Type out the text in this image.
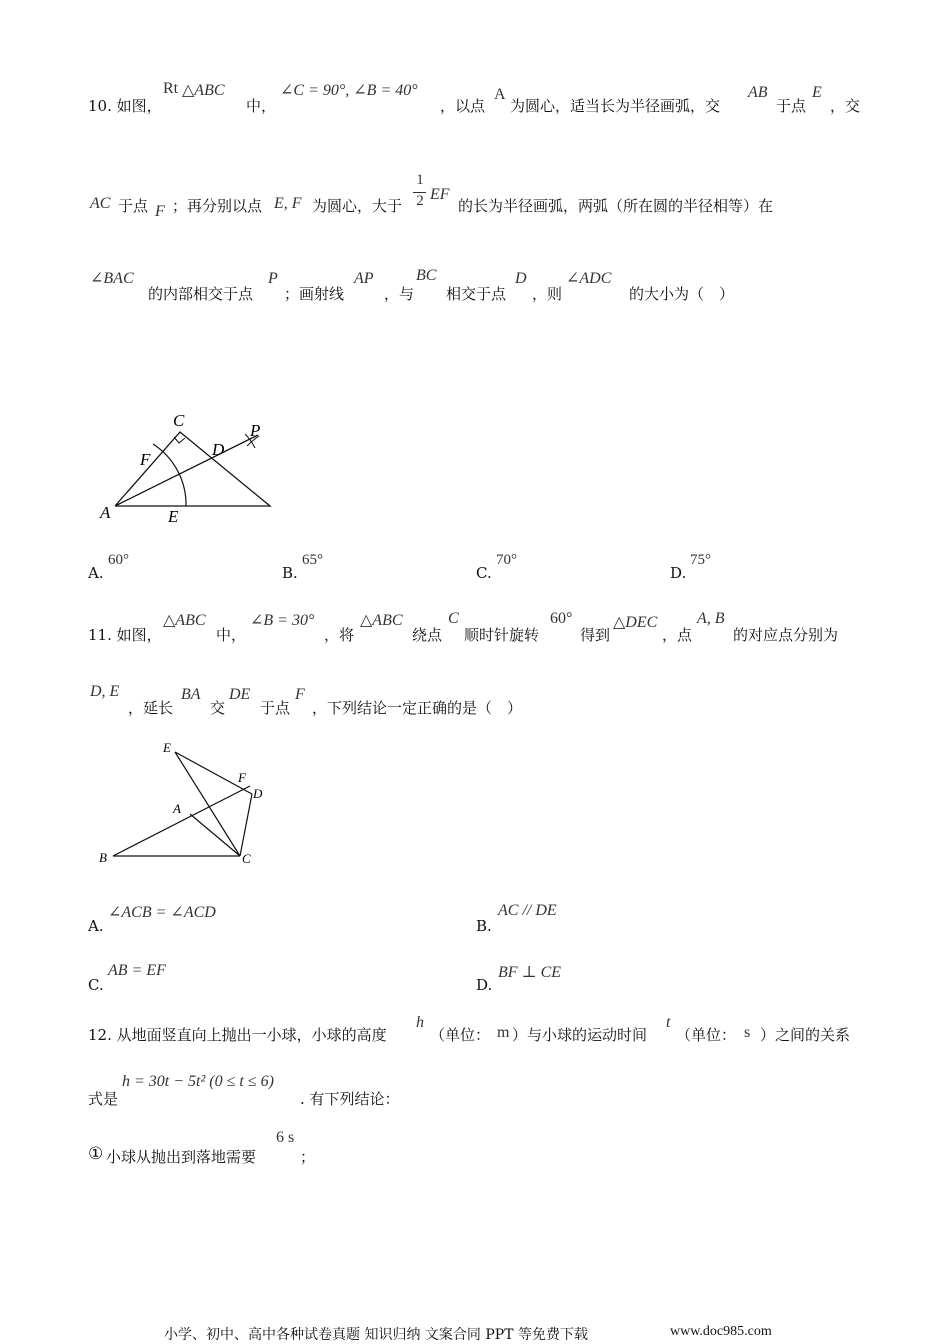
10. 如图，
Rt △ABC
中，
∠C = 90°, ∠B = 40°
，以点
A
为圆心，适当长为半径画弧，交
AB
于点
E
，交
AC 于点 F ；再分别以点 E, F 为圆心，大于
1
2 EF
的长为半径画弧，两弧（所在圆的半径相等）在
∠BAC
的内部相交于点
P
；画射线
AP
，与
BC
相交于点
D
，则
∠ADC
的大小为（　）
C
P
F
D
A	E
A.
60°
B.
65°
C.
70°
D.
75°
11. 如图，
△ABC
中，
∠B = 30°
，将
△ABC
绕点
C
顺时针旋转
60°
得到
△DEC
，点
A, B
的对应点分别为
D, E
，延长
BA
交
DE
于点
F
，下列结论一定正确的是（　）
E
F
D
A
B	C
A.
∠ACB = ∠ACD
B.
AC // DE
C.
AB = EF
D.
BF ⊥ CE
12. 从地面竖直向上抛出一小球，小球的高度
h
（单位： m ）与小球的运动时间
t
（单位： s ）之间的关系
式是
h = 30t − 5t² (0 ≤ t ≤ 6)
. 有下列结论：
① 小球从抛出到落地需要
6 s
；
小学、初中、高中各种试卷真题 知识归纳 文案合同 PPT 等免费下载	www.doc985.com
